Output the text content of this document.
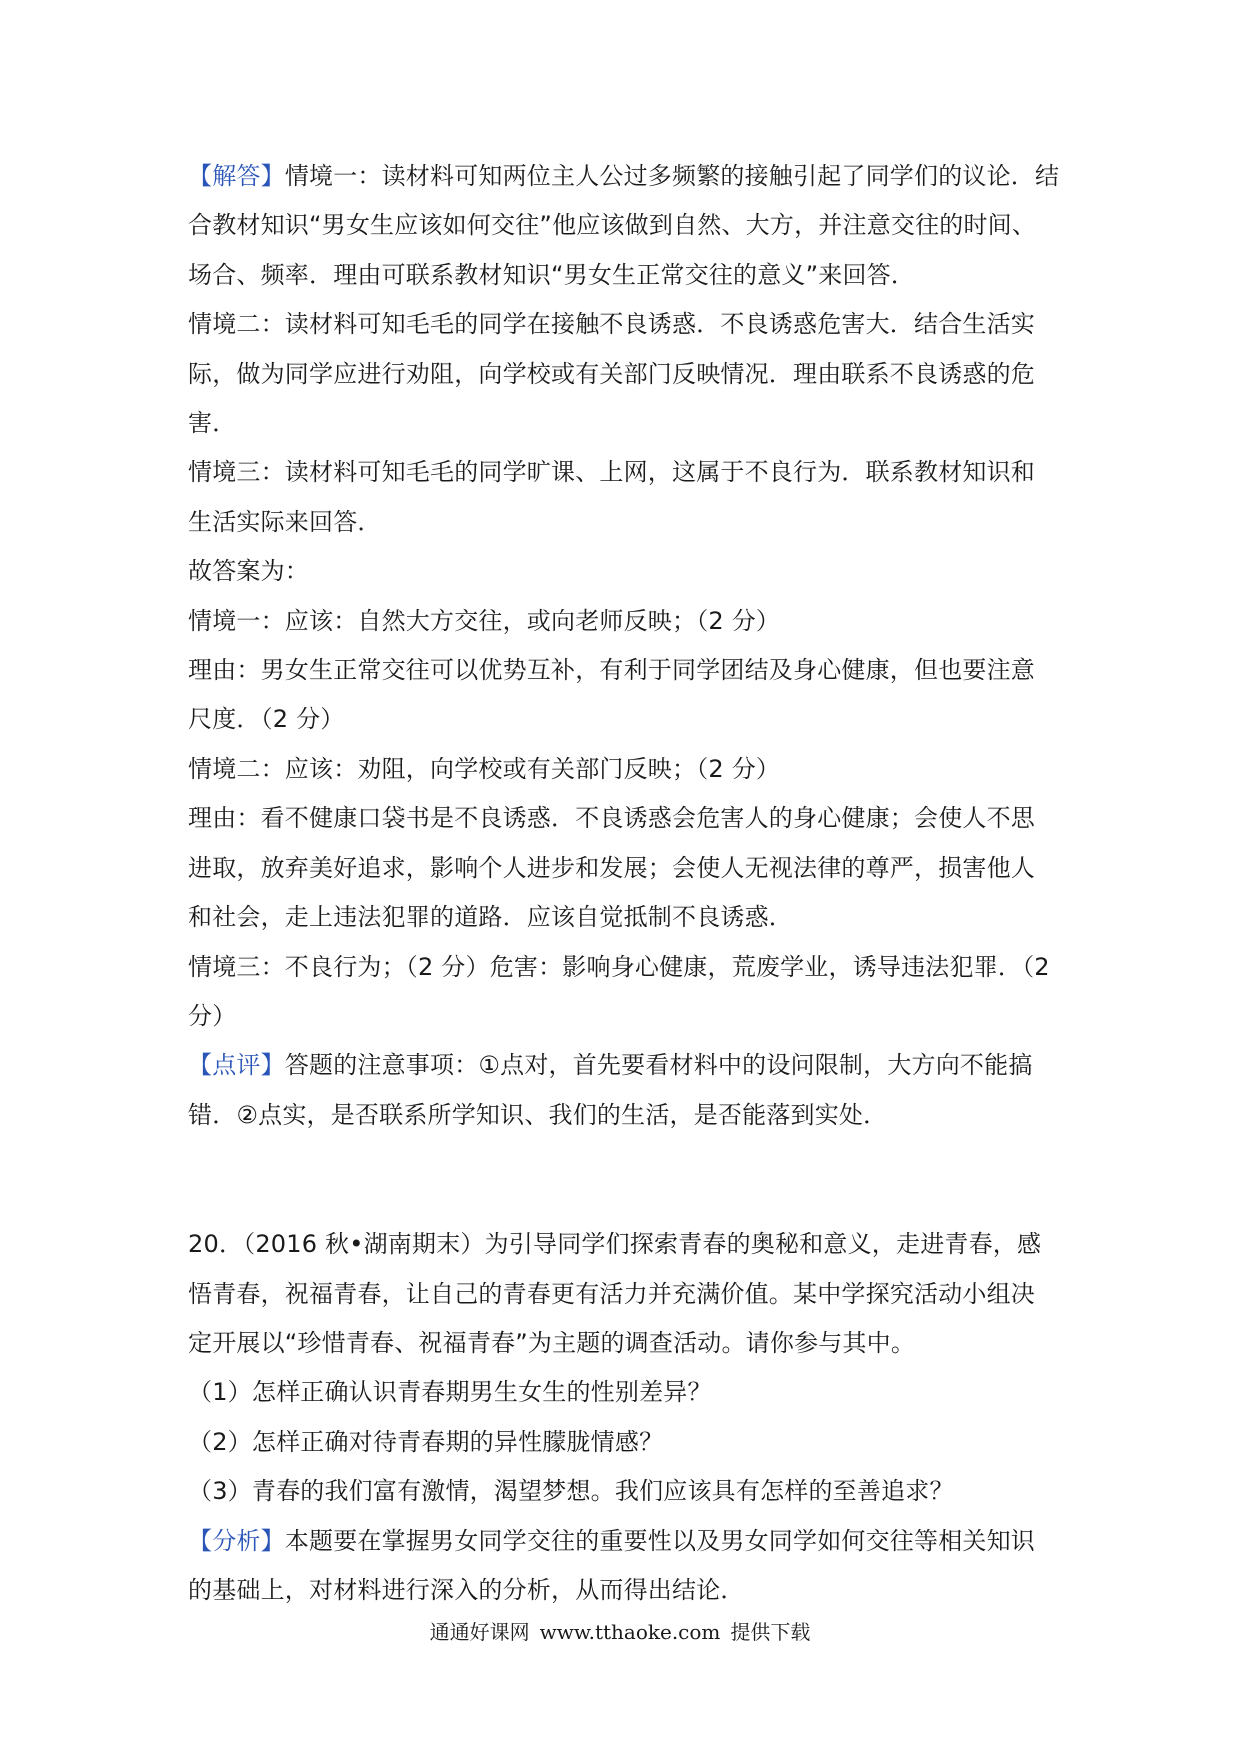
【解答】情境一：读材料可知两位主人公过多频繁的接触引起了同学们的议论．结
合教材知识“男女生应该如何交往”他应该做到自然、大方，并注意交往的时间、
场合、频率．理由可联系教材知识“男女生正常交往的意义”来回答．
情境二：读材料可知毛毛的同学在接触不良诱惑．不良诱惑危害大．结合生活实
际，做为同学应进行劝阻，向学校或有关部门反映情况．理由联系不良诱惑的危
害．
情境三：读材料可知毛毛的同学旷课、上网，这属于不良行为．联系教材知识和
生活实际来回答．
故答案为：
情境一：应该：自然大方交往，或向老师反映；（2 分）
理由：男女生正常交往可以优势互补，有利于同学团结及身心健康，但也要注意
尺度．（2 分）
情境二：应该：劝阻，向学校或有关部门反映；（2 分）
理由：看不健康口袋书是不良诱惑．不良诱惑会危害人的身心健康；会使人不思
进取，放弃美好追求，影响个人进步和发展；会使人无视法律的尊严，损害他人
和社会，走上违法犯罪的道路．应该自觉抵制不良诱惑．
情境三：不良行为；（2 分）危害：影响身心健康，荒废学业，诱导违法犯罪．（2
分）
【点评】答题的注意事项：①点对，首先要看材料中的设问限制，大方向不能搞
错．②点实，是否联系所学知识、我们的生活，是否能落到实处．
20．（2016 秋•湖南期末）为引导同学们探索青春的奥秘和意义，走进青春，感
悟青春，祝福青春，让自己的青春更有活力并充满价值。某中学探究活动小组决
定开展以“珍惜青春、祝福青春”为主题的调查活动。请你参与其中。
（1）怎样正确认识青春期男生女生的性别差异？
（2）怎样正确对待青春期的异性朦胧情感？
（3）青春的我们富有激情，渴望梦想。我们应该具有怎样的至善追求？
【分析】本题要在掌握男女同学交往的重要性以及男女同学如何交往等相关知识
的基础上，对材料进行深入的分析，从而得出结论．
通通好课网 www.tthaoke.com 提供下载
